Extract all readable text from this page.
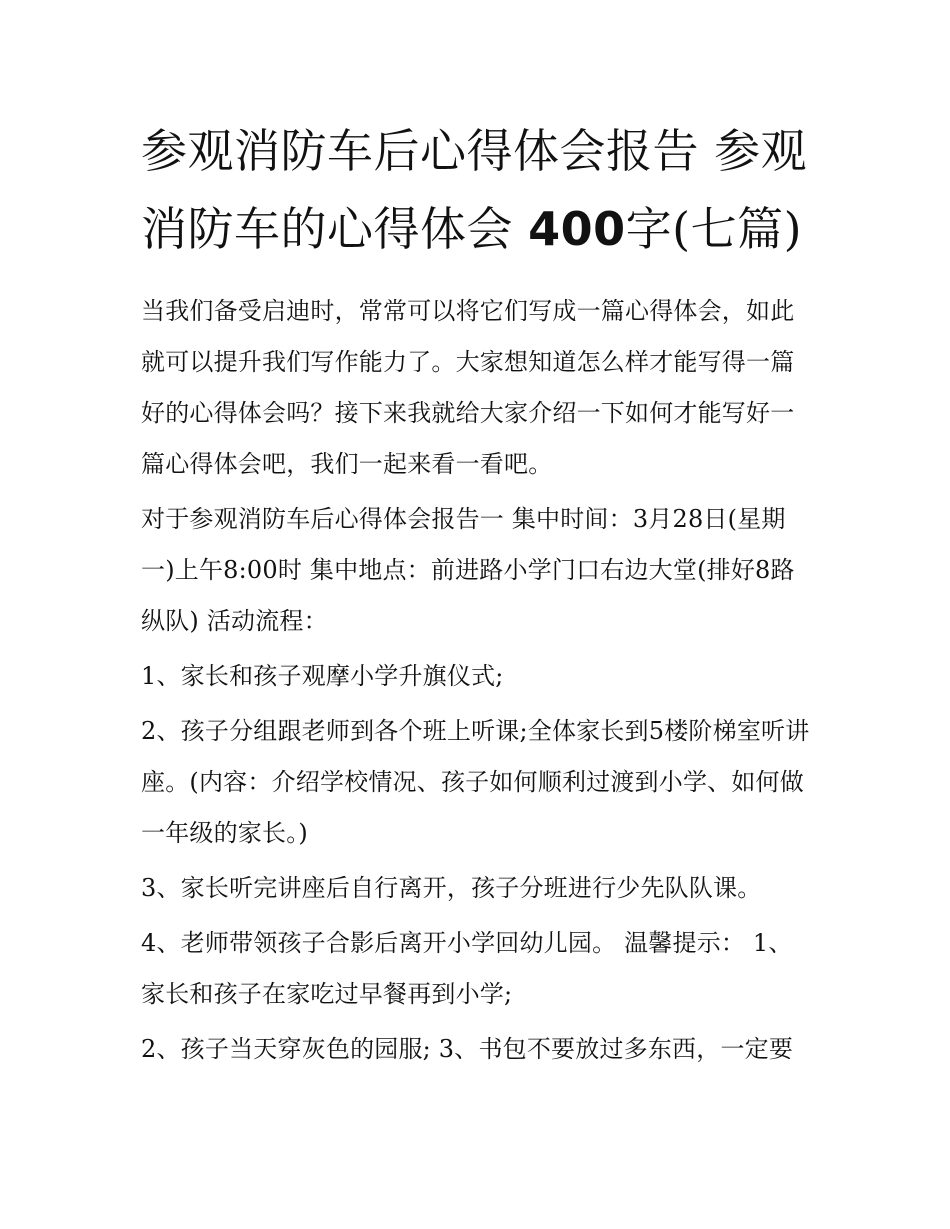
参观消防车后心得体会报告 参观消防车的心得体会 400字(七篇)

当我们备受启迪时，常常可以将它们写成一篇心得体会，如此就可以提升我们写作能力了。大家想知道怎么样才能写得一篇好的心得体会吗？接下来我就给大家介绍一下如何才能写好一篇心得体会吧，我们一起来看一看吧。

对于参观消防车后心得体会报告一 集中时间：3月28日(星期一)上午8:00时 集中地点：前进路小学门口右边大堂(排好8路纵队) 活动流程：

1、家长和孩子观摩小学升旗仪式;

2、孩子分组跟老师到各个班上听课;全体家长到5楼阶梯室听讲座。(内容：介绍学校情况、孩子如何顺利过渡到小学、如何做一年级的家长。)

3、家长听完讲座后自行离开，孩子分班进行少先队队课。

4、老师带领孩子合影后离开小学回幼儿园。 温馨提示： 1、家长和孩子在家吃过早餐再到小学;

2、孩子当天穿灰色的园服; 3、书包不要放过多东西，一定要
